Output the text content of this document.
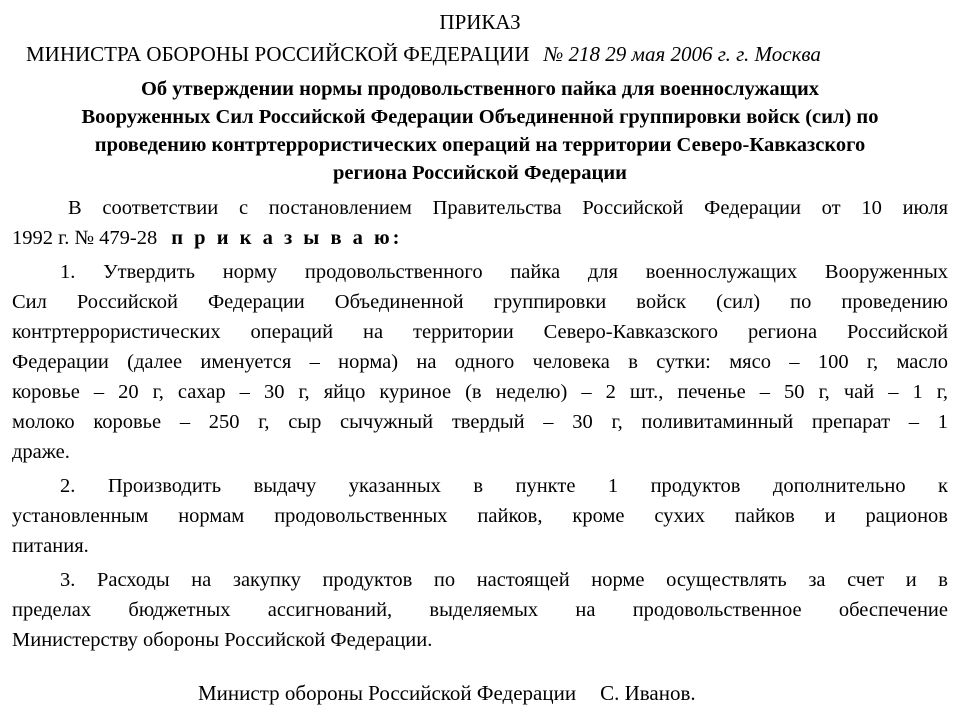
ПРИКАЗ
МИНИСТРА ОБОРОНЫ РОССИЙСКОЙ ФЕДЕРАЦИИ № 218 29 мая 2006 г. г. Москва
Об утверждении нормы продовольственного пайка для военнослужащих
Вооруженных Сил Российской Федерации Объединенной группировки войск (сил) по
проведению контртеррористических операций на территории Северо-Кавказского
региона Российской Федерации
В соответствии с постановлением Правительства Российской Федерации от 10 июля
1992 г. № 479-28 п р и к а з ы в а ю:
1. Утвердить норму продовольственного пайка для военнослужащих Вооруженных
Сил Российской Федерации Объединенной группировки войск (сил) по проведению
контртеррористических операций на территории Северо-Кавказского региона Российской
Федерации (далее именуется – норма) на одного человека в сутки: мясо – 100 г, масло
коровье – 20 г, сахар – 30 г, яйцо куриное (в неделю) – 2 шт., печенье – 50 г, чай – 1 г,
молоко коровье – 250 г, сыр сычужный твердый – 30 г, поливитаминный препарат – 1
драже.
2. Производить выдачу указанных в пункте 1 продуктов дополнительно к
установленным нормам продовольственных пайков, кроме сухих пайков и рационов
питания.
3. Расходы на закупку продуктов по настоящей норме осуществлять за счет и в
пределах бюджетных ассигнований, выделяемых на продовольственное обеспечение
Министерству обороны Российской Федерации.
Министр обороны Российской Федерации С. Иванов.
